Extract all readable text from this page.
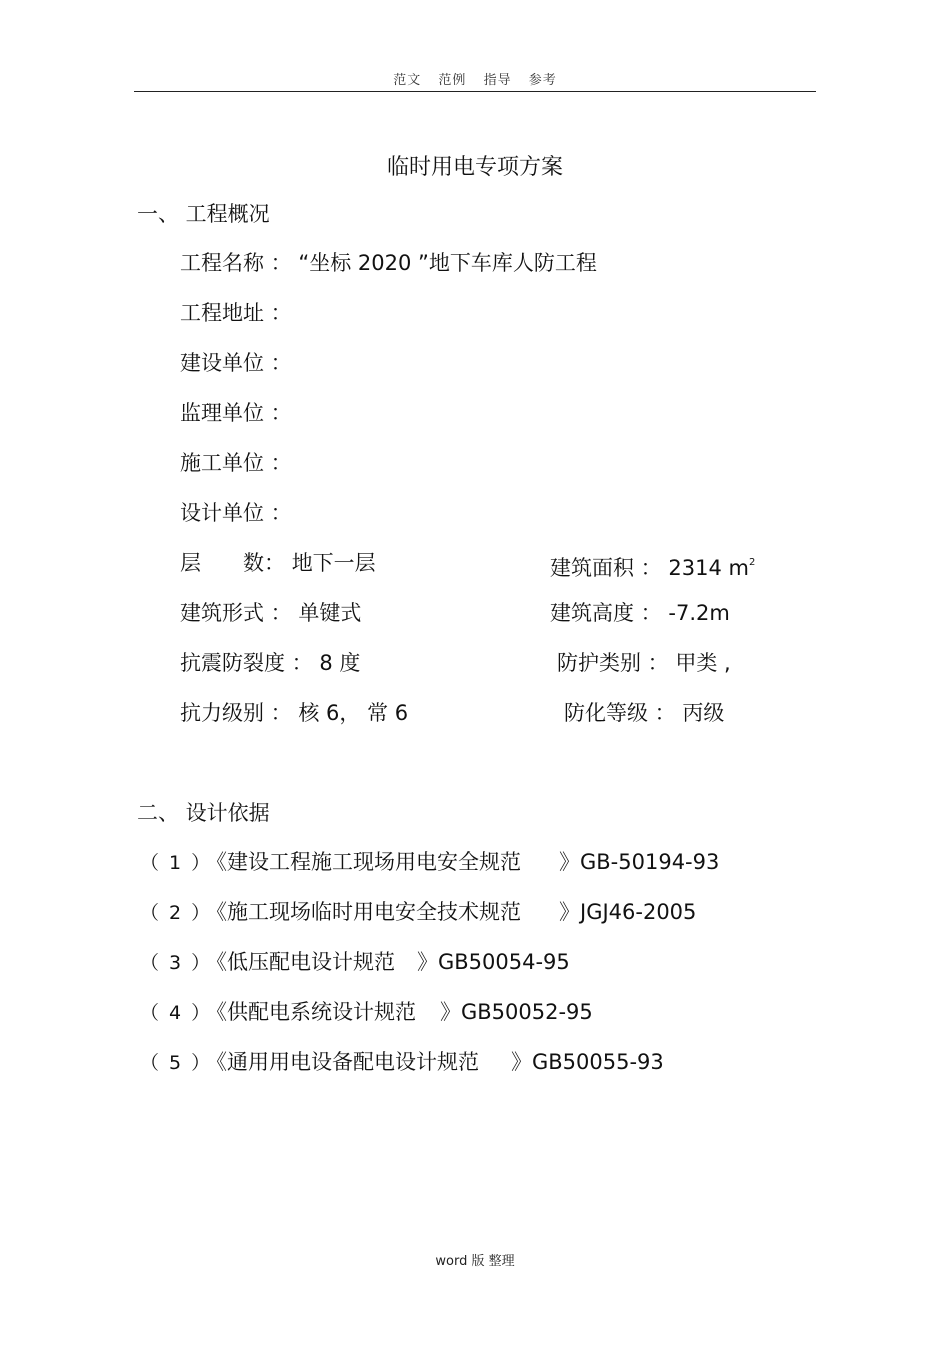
范文 范例 指导 参考
临时用电专项方案
一、 工程概况
工程名称 ： “坐标 2020 ”地下车库人防工程
工程地址 ：
建设单位 ：
监理单位 ：
施工单位 ：
设计单位 ：
层　　数： 地下一层	建筑面积 ： 2314 $m^2$
建筑形式 ： 单键式	建筑高度 ： -7.2m
抗震防裂度 ： 8 度	防护类别 ： 甲类 ,
抗力级别 ： 核 6， 常 6	防化等级 ： 丙级
二、 设计依据
（ 1 ）《建设工程施工现场用电安全规范 》GB-50194-93
（ 2 ）《施工现场临时用电安全技术规范 》JGJ46-2005
（ 3 ）《低压配电设计规范 》GB50054-95
（ 4 ）《供配电系统设计规范 》GB50052-95
（ 5 ）《通用用电设备配电设计规范 》GB50055-93
word 版 整理
